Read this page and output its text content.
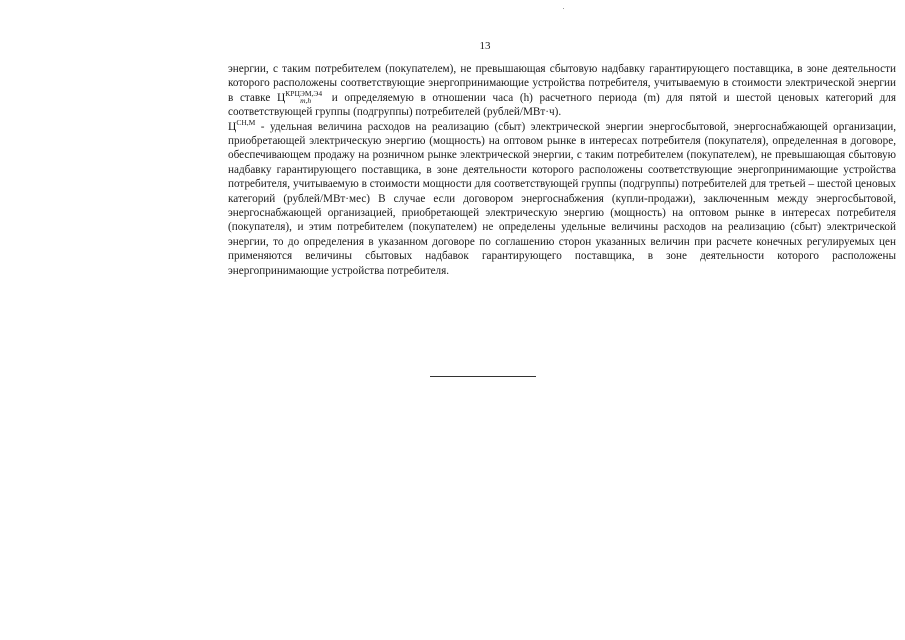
13

энергии, с таким потребителем (покупателем), не превышающая сбытовую надбавку гарантирующего поставщика, в зоне деятельности которого расположены соответствующие энергопринимающие устройства потребителя, учитываемую в стоимости электрической энергии в ставке $Ц^{КРЦЭМ,Э4}_{m,h}$ и определяемую в отношении часа (h) расчетного периода (m) для пятой и шестой ценовых категорий для соответствующей группы (подгруппы) потребителей (рублей/МВт·ч).

$Ц^{СН,М}$ - удельная величина расходов на реализацию (сбыт) электрической энергии энергосбытовой, энергоснабжающей организации, приобретающей электрическую энергию (мощность) на оптовом рынке в интересах потребителя (покупателя), определенная в договоре, обеспечивающем продажу на розничном рынке электрической энергии, с таким потребителем (покупателем), не превышающая сбытовую надбавку гарантирующего поставщика, в зоне деятельности которого расположены соответствующие энергопринимающие устройства потребителя, учитываемую в стоимости мощности для соответствующей группы (подгруппы) потребителей для третьей – шестой ценовых категорий (рублей/МВт·мес) В случае если договором энергоснабжения (купли-продажи), заключенным между энергосбытовой, энергоснабжающей организацией, приобретающей электрическую энергию (мощность) на оптовом рынке в интересах потребителя (покупателя), и этим потребителем (покупателем) не определены удельные величины расходов на реализацию (сбыт) электрической энергии, то до определения в указанном договоре по соглашению сторон указанных величин при расчете конечных регулируемых цен применяются величины сбытовых надбавок гарантирующего поставщика, в зоне деятельности которого расположены энергопринимающие устройства потребителя.
